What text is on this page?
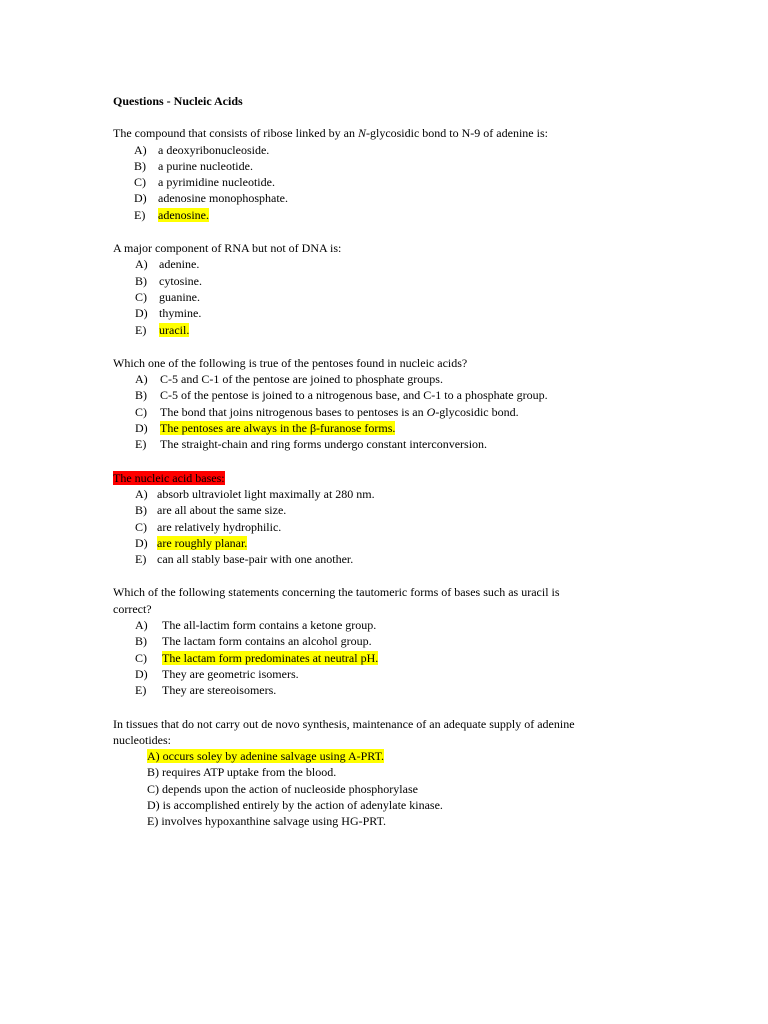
Questions - Nucleic Acids
The compound that consists of ribose linked by an N-glycosidic bond to N-9 of adenine is:
A) a deoxyribonucleoside.
B) a purine nucleotide.
C) a pyrimidine nucleotide.
D) adenosine monophosphate.
E) adenosine.
A major component of RNA but not of DNA is:
A) adenine.
B) cytosine.
C) guanine.
D) thymine.
E) uracil.
Which one of the following is true of the pentoses found in nucleic acids?
A) C-5 and C-1 of the pentose are joined to phosphate groups.
B) C-5 of the pentose is joined to a nitrogenous base, and C-1 to a phosphate group.
C) The bond that joins nitrogenous bases to pentoses is an O-glycosidic bond.
D) The pentoses are always in the β-furanose forms.
E) The straight-chain and ring forms undergo constant interconversion.
The nucleic acid bases:
A) absorb ultraviolet light maximally at 280 nm.
B) are all about the same size.
C) are relatively hydrophilic.
D) are roughly planar.
E) can all stably base-pair with one another.
Which of the following statements concerning the tautomeric forms of bases such as uracil is
correct?
A) The all-lactim form contains a ketone group.
B) The lactam form contains an alcohol group.
C) The lactam form predominates at neutral pH.
D) They are geometric isomers.
E) They are stereoisomers.
In tissues that do not carry out de novo synthesis, maintenance of an adequate supply of adenine
nucleotides:
A) occurs soley by adenine salvage using A-PRT.
B) requires ATP uptake from the blood.
C) depends upon the action of nucleoside phosphorylase
D) is accomplished entirely by the action of adenylate kinase.
E) involves hypoxanthine salvage using HG-PRT.
